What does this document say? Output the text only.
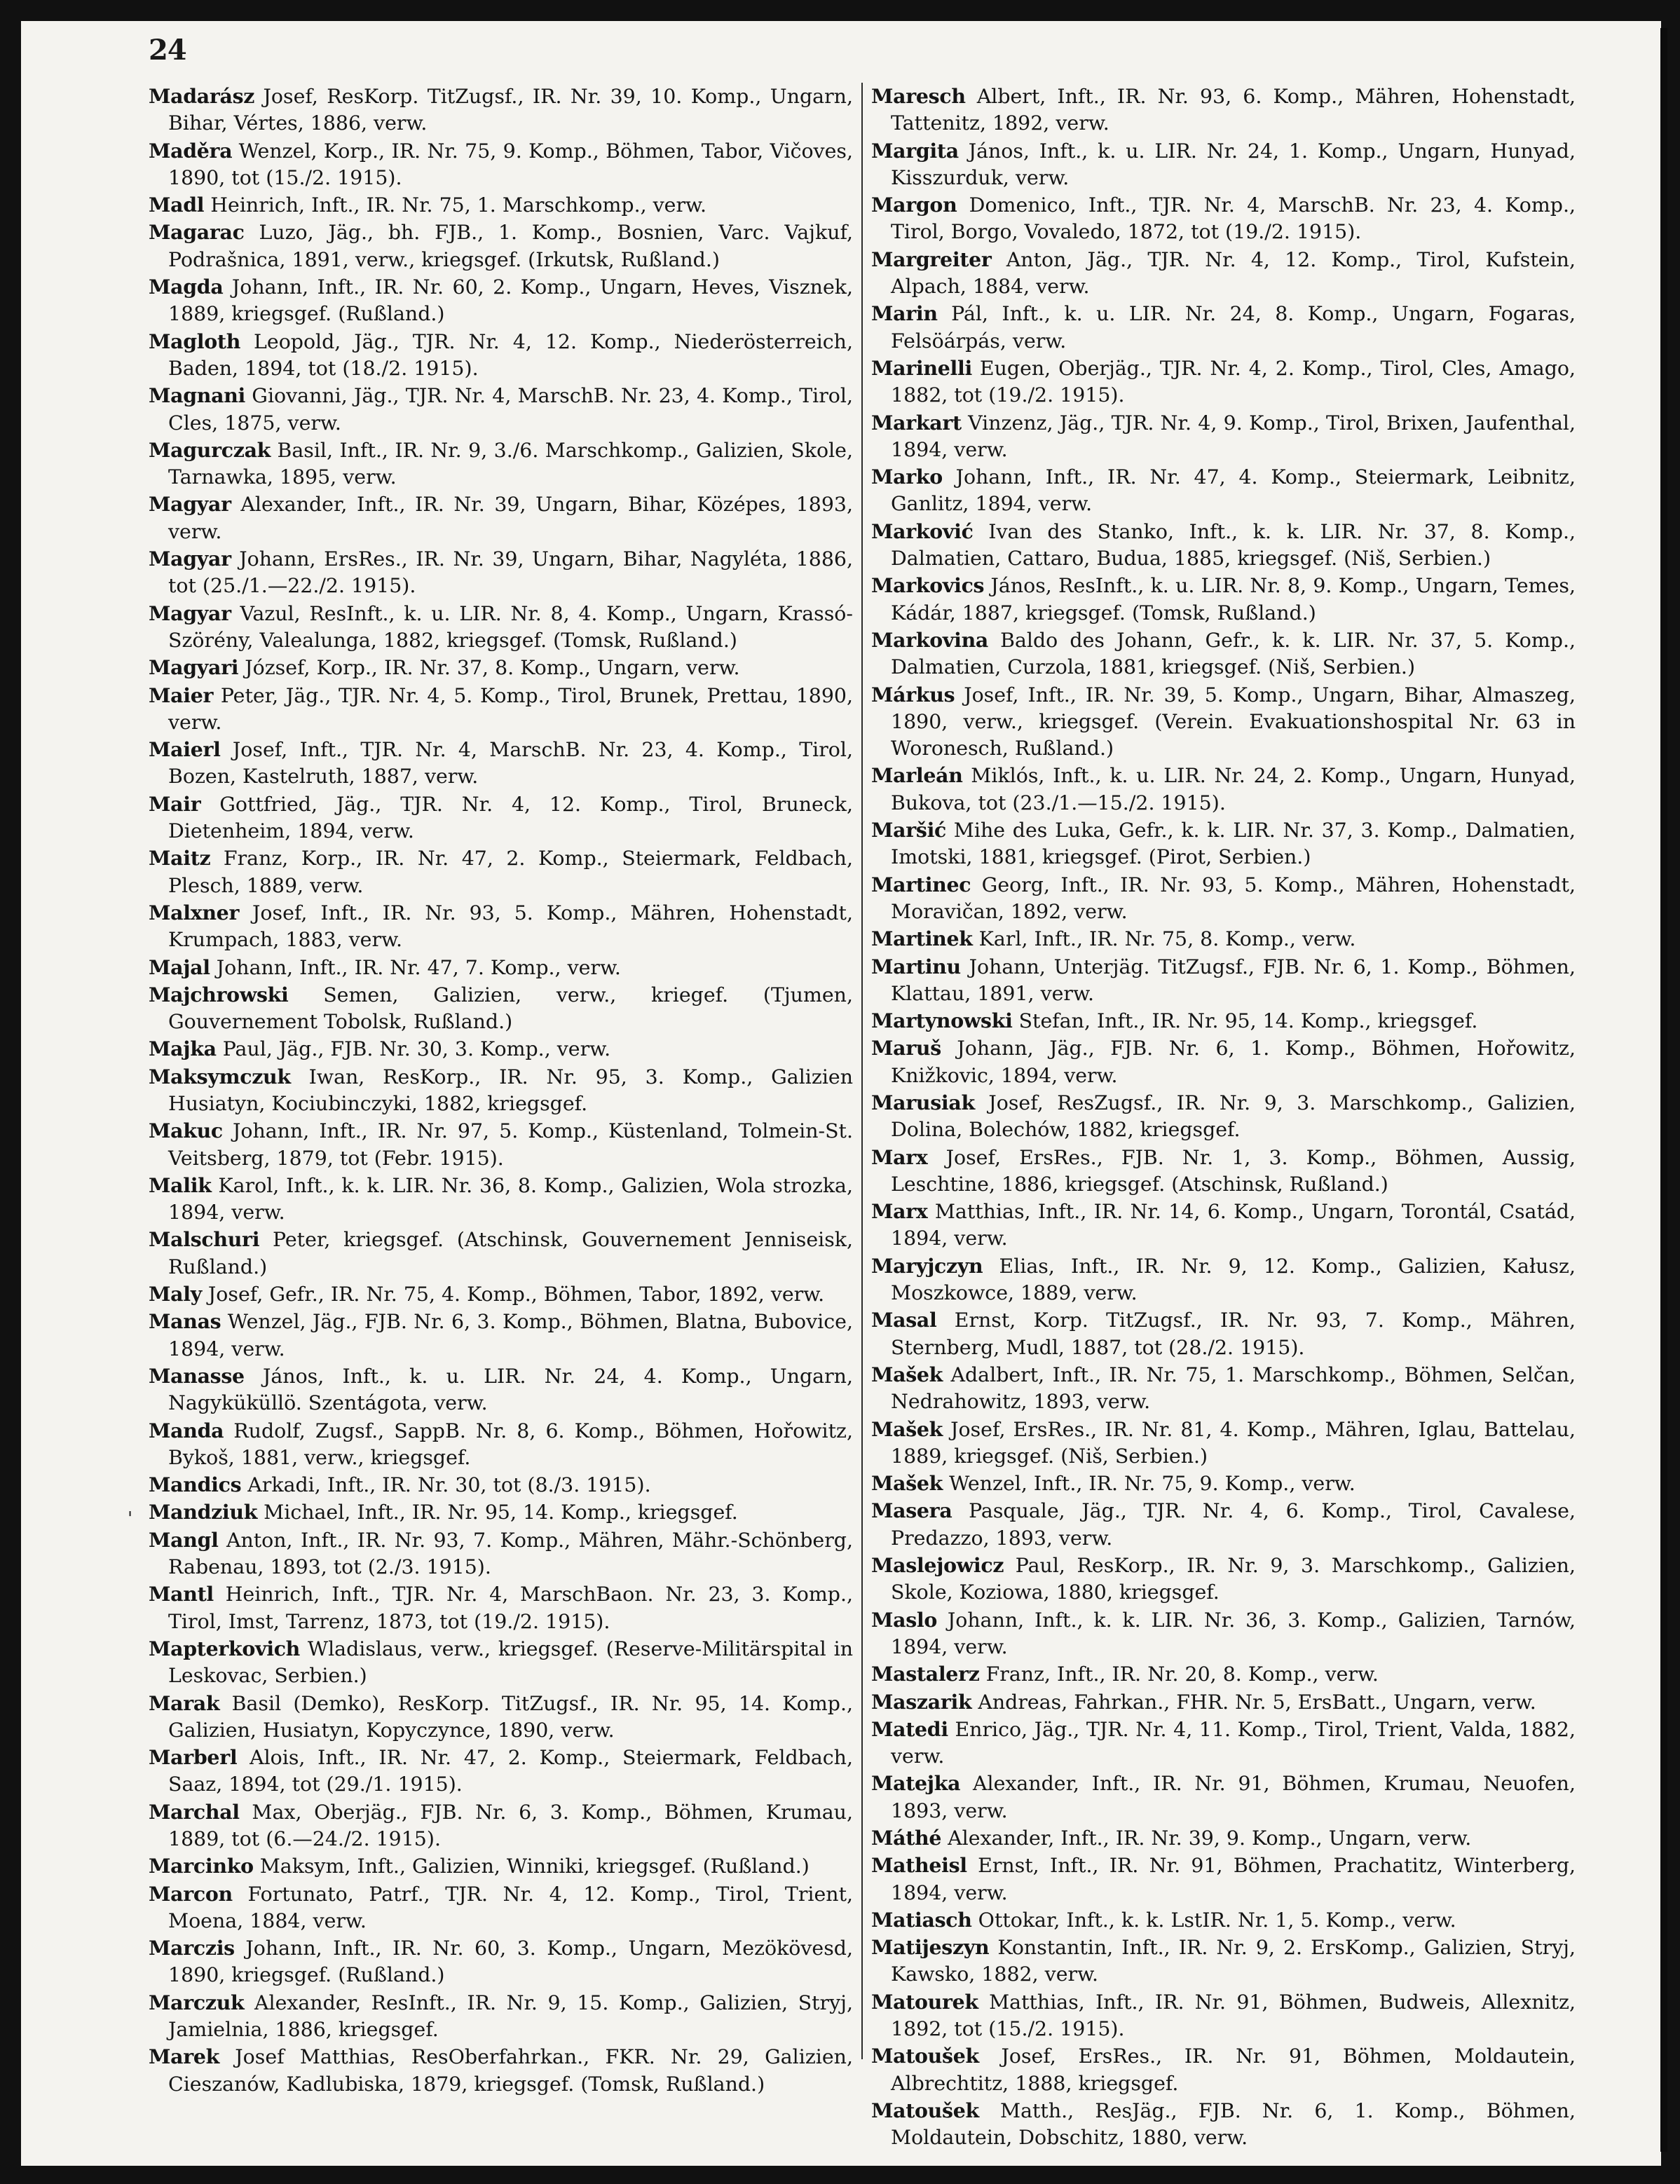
24
'
Madarász Josef, ResKorp. TitZugsf., IR. Nr. 39, 10. Komp., Ungarn, Bihar, Vértes, 1886, verw.
Maděra Wenzel, Korp., IR. Nr. 75, 9. Komp., Böhmen, Tabor, Vičoves, 1890, tot (15./2. 1915).
Madl Heinrich, Inft., IR. Nr. 75, 1. Marschkomp., verw.
Magarac Luzo, Jäg., bh. FJB., 1. Komp., Bosnien, Varc. Vajkuf, Podrašnica, 1891, verw., kriegsgef. (Irkutsk, Rußland.)
Magda Johann, Inft., IR. Nr. 60, 2. Komp., Ungarn, Heves, Visznek, 1889, kriegsgef. (Rußland.)
Magloth Leopold, Jäg., TJR. Nr. 4, 12. Komp., Niederösterreich, Baden, 1894, tot (18./2. 1915).
Magnani Giovanni, Jäg., TJR. Nr. 4, MarschB. Nr. 23, 4. Komp., Tirol, Cles, 1875, verw.
Magurczak Basil, Inft., IR. Nr. 9, 3./6. Marschkomp., Galizien, Skole, Tarnawka, 1895, verw.
Magyar Alexander, Inft., IR. Nr. 39, Ungarn, Bihar, Középes, 1893, verw.
Magyar Johann, ErsRes., IR. Nr. 39, Ungarn, Bihar, Nagyléta, 1886, tot (25./1.—22./2. 1915).
Magyar Vazul, ResInft., k. u. LIR. Nr. 8, 4. Komp., Ungarn, Krassó-Szörény, Valealunga, 1882, kriegsgef. (Tomsk, Rußland.)
Magyari József, Korp., IR. Nr. 37, 8. Komp., Ungarn, verw.
Maier Peter, Jäg., TJR. Nr. 4, 5. Komp., Tirol, Brunek, Prettau, 1890, verw.
Maierl Josef, Inft., TJR. Nr. 4, MarschB. Nr. 23, 4. Komp., Tirol, Bozen, Kastelruth, 1887, verw.
Mair Gottfried, Jäg., TJR. Nr. 4, 12. Komp., Tirol, Bruneck, Dietenheim, 1894, verw.
Maitz Franz, Korp., IR. Nr. 47, 2. Komp., Steiermark, Feldbach, Plesch, 1889, verw.
Malxner Josef, Inft., IR. Nr. 93, 5. Komp., Mähren, Hohenstadt, Krumpach, 1883, verw.
Majal Johann, Inft., IR. Nr. 47, 7. Komp., verw.
Majchrowski Semen, Galizien, verw., kriegef. (Tjumen, Gouvernement Tobolsk, Rußland.)
Majka Paul, Jäg., FJB. Nr. 30, 3. Komp., verw.
Maksymczuk Iwan, ResKorp., IR. Nr. 95, 3. Komp., Galizien Husiatyn, Kociubinczyki, 1882, kriegsgef.
Makuc Johann, Inft., IR. Nr. 97, 5. Komp., Küstenland, Tolmein-St. Veitsberg, 1879, tot (Febr. 1915).
Malik Karol, Inft., k. k. LIR. Nr. 36, 8. Komp., Galizien, Wola strozka, 1894, verw.
Malschuri Peter, kriegsgef. (Atschinsk, Gouvernement Jenniseisk, Rußland.)
Maly Josef, Gefr., IR. Nr. 75, 4. Komp., Böhmen, Tabor, 1892, verw.
Manas Wenzel, Jäg., FJB. Nr. 6, 3. Komp., Böhmen, Blatna, Bubovice, 1894, verw.
Manasse János, Inft., k. u. LIR. Nr. 24, 4. Komp., Ungarn, Nagyküküllö. Szentágota, verw.
Manda Rudolf, Zugsf., SappB. Nr. 8, 6. Komp., Böhmen, Hořowitz, Bykoš, 1881, verw., kriegsgef.
Mandics Arkadi, Inft., IR. Nr. 30, tot (8./3. 1915).
Mandziuk Michael, Inft., IR. Nr. 95, 14. Komp., kriegsgef.
Mangl Anton, Inft., IR. Nr. 93, 7. Komp., Mähren, Mähr.-Schönberg, Rabenau, 1893, tot (2./3. 1915).
Mantl Heinrich, Inft., TJR. Nr. 4, MarschBaon. Nr. 23, 3. Komp., Tirol, Imst, Tarrenz, 1873, tot (19./2. 1915).
Mapterkovich Wladislaus, verw., kriegsgef. (Reserve-Militärspital in Leskovac, Serbien.)
Marak Basil (Demko), ResKorp. TitZugsf., IR. Nr. 95, 14. Komp., Galizien, Husiatyn, Kopyczynce, 1890, verw.
Marberl Alois, Inft., IR. Nr. 47, 2. Komp., Steiermark, Feldbach, Saaz, 1894, tot (29./1. 1915).
Marchal Max, Oberjäg., FJB. Nr. 6, 3. Komp., Böhmen, Krumau, 1889, tot (6.—24./2. 1915).
Marcinko Maksym, Inft., Galizien, Winniki, kriegsgef. (Rußland.)
Marcon Fortunato, Patrf., TJR. Nr. 4, 12. Komp., Tirol, Trient, Moena, 1884, verw.
Marczis Johann, Inft., IR. Nr. 60, 3. Komp., Ungarn, Mezökövesd, 1890, kriegsgef. (Rußland.)
Marczuk Alexander, ResInft., IR. Nr. 9, 15. Komp., Galizien, Stryj, Jamielnia, 1886, kriegsgef.
Marek Josef Matthias, ResOberfahrkan., FKR. Nr. 29, Galizien, Cieszanów, Kadlubiska, 1879, kriegsgef. (Tomsk, Rußland.)
Maresch Albert, Inft., IR. Nr. 93, 6. Komp., Mähren, Hohenstadt, Tattenitz, 1892, verw.
Margita János, Inft., k. u. LIR. Nr. 24, 1. Komp., Ungarn, Hunyad, Kisszurduk, verw.
Margon Domenico, Inft., TJR. Nr. 4, MarschB. Nr. 23, 4. Komp., Tirol, Borgo, Vovaledo, 1872, tot (19./2. 1915).
Margreiter Anton, Jäg., TJR. Nr. 4, 12. Komp., Tirol, Kufstein, Alpach, 1884, verw.
Marin Pál, Inft., k. u. LIR. Nr. 24, 8. Komp., Ungarn, Fogaras, Felsöárpás, verw.
Marinelli Eugen, Oberjäg., TJR. Nr. 4, 2. Komp., Tirol, Cles, Amago, 1882, tot (19./2. 1915).
Markart Vinzenz, Jäg., TJR. Nr. 4, 9. Komp., Tirol, Brixen, Jaufenthal, 1894, verw.
Marko Johann, Inft., IR. Nr. 47, 4. Komp., Steiermark, Leibnitz, Ganlitz, 1894, verw.
Marković Ivan des Stanko, Inft., k. k. LIR. Nr. 37, 8. Komp., Dalmatien, Cattaro, Budua, 1885, kriegsgef. (Niš, Serbien.)
Markovics János, ResInft., k. u. LIR. Nr. 8, 9. Komp., Ungarn, Temes, Kádár, 1887, kriegsgef. (Tomsk, Rußland.)
Markovina Baldo des Johann, Gefr., k. k. LIR. Nr. 37, 5. Komp., Dalmatien, Curzola, 1881, kriegsgef. (Niš, Serbien.)
Márkus Josef, Inft., IR. Nr. 39, 5. Komp., Ungarn, Bihar, Almaszeg, 1890, verw., kriegsgef. (Verein. Evakuationshospital Nr. 63 in Woronesch, Rußland.)
Marleán Miklós, Inft., k. u. LIR. Nr. 24, 2. Komp., Ungarn, Hunyad, Bukova, tot (23./1.—15./2. 1915).
Maršić Mihe des Luka, Gefr., k. k. LIR. Nr. 37, 3. Komp., Dalmatien, Imotski, 1881, kriegsgef. (Pirot, Serbien.)
Martinec Georg, Inft., IR. Nr. 93, 5. Komp., Mähren, Hohenstadt, Moravičan, 1892, verw.
Martinek Karl, Inft., IR. Nr. 75, 8. Komp., verw.
Martinu Johann, Unterjäg. TitZugsf., FJB. Nr. 6, 1. Komp., Böhmen, Klattau, 1891, verw.
Martynowski Stefan, Inft., IR. Nr. 95, 14. Komp., kriegsgef.
Maruš Johann, Jäg., FJB. Nr. 6, 1. Komp., Böhmen, Hořowitz, Knižkovic, 1894, verw.
Marusiak Josef, ResZugsf., IR. Nr. 9, 3. Marschkomp., Galizien, Dolina, Bolechów, 1882, kriegsgef.
Marx Josef, ErsRes., FJB. Nr. 1, 3. Komp., Böhmen, Aussig, Leschtine, 1886, kriegsgef. (Atschinsk, Rußland.)
Marx Matthias, Inft., IR. Nr. 14, 6. Komp., Ungarn, Torontál, Csatád, 1894, verw.
Maryjczyn Elias, Inft., IR. Nr. 9, 12. Komp., Galizien, Kałusz, Moszkowce, 1889, verw.
Masal Ernst, Korp. TitZugsf., IR. Nr. 93, 7. Komp., Mähren, Sternberg, Mudl, 1887, tot (28./2. 1915).
Mašek Adalbert, Inft., IR. Nr. 75, 1. Marschkomp., Böhmen, Selčan, Nedrahowitz, 1893, verw.
Mašek Josef, ErsRes., IR. Nr. 81, 4. Komp., Mähren, Iglau, Battelau, 1889, kriegsgef. (Niš, Serbien.)
Mašek Wenzel, Inft., IR. Nr. 75, 9. Komp., verw.
Masera Pasquale, Jäg., TJR. Nr. 4, 6. Komp., Tirol, Cavalese, Predazzo, 1893, verw.
Maslejowicz Paul, ResKorp., IR. Nr. 9, 3. Marschkomp., Galizien, Skole, Koziowa, 1880, kriegsgef.
Maslo Johann, Inft., k. k. LIR. Nr. 36, 3. Komp., Galizien, Tarnów, 1894, verw.
Mastalerz Franz, Inft., IR. Nr. 20, 8. Komp., verw.
Maszarik Andreas, Fahrkan., FHR. Nr. 5, ErsBatt., Ungarn, verw.
Matedi Enrico, Jäg., TJR. Nr. 4, 11. Komp., Tirol, Trient, Valda, 1882, verw.
Matejka Alexander, Inft., IR. Nr. 91, Böhmen, Krumau, Neuofen, 1893, verw.
Máthé Alexander, Inft., IR. Nr. 39, 9. Komp., Ungarn, verw.
Matheisl Ernst, Inft., IR. Nr. 91, Böhmen, Prachatitz, Winterberg, 1894, verw.
Matiasch Ottokar, Inft., k. k. LstIR. Nr. 1, 5. Komp., verw.
Matijeszyn Konstantin, Inft., IR. Nr. 9, 2. ErsKomp., Galizien, Stryj, Kawsko, 1882, verw.
Matourek Matthias, Inft., IR. Nr. 91, Böhmen, Budweis, Allexnitz, 1892, tot (15./2. 1915).
Matoušek Josef, ErsRes., IR. Nr. 91, Böhmen, Moldautein, Albrechtitz, 1888, kriegsgef.
Matoušek Matth., ResJäg., FJB. Nr. 6, 1. Komp., Böhmen, Moldautein, Dobschitz, 1880, verw.
